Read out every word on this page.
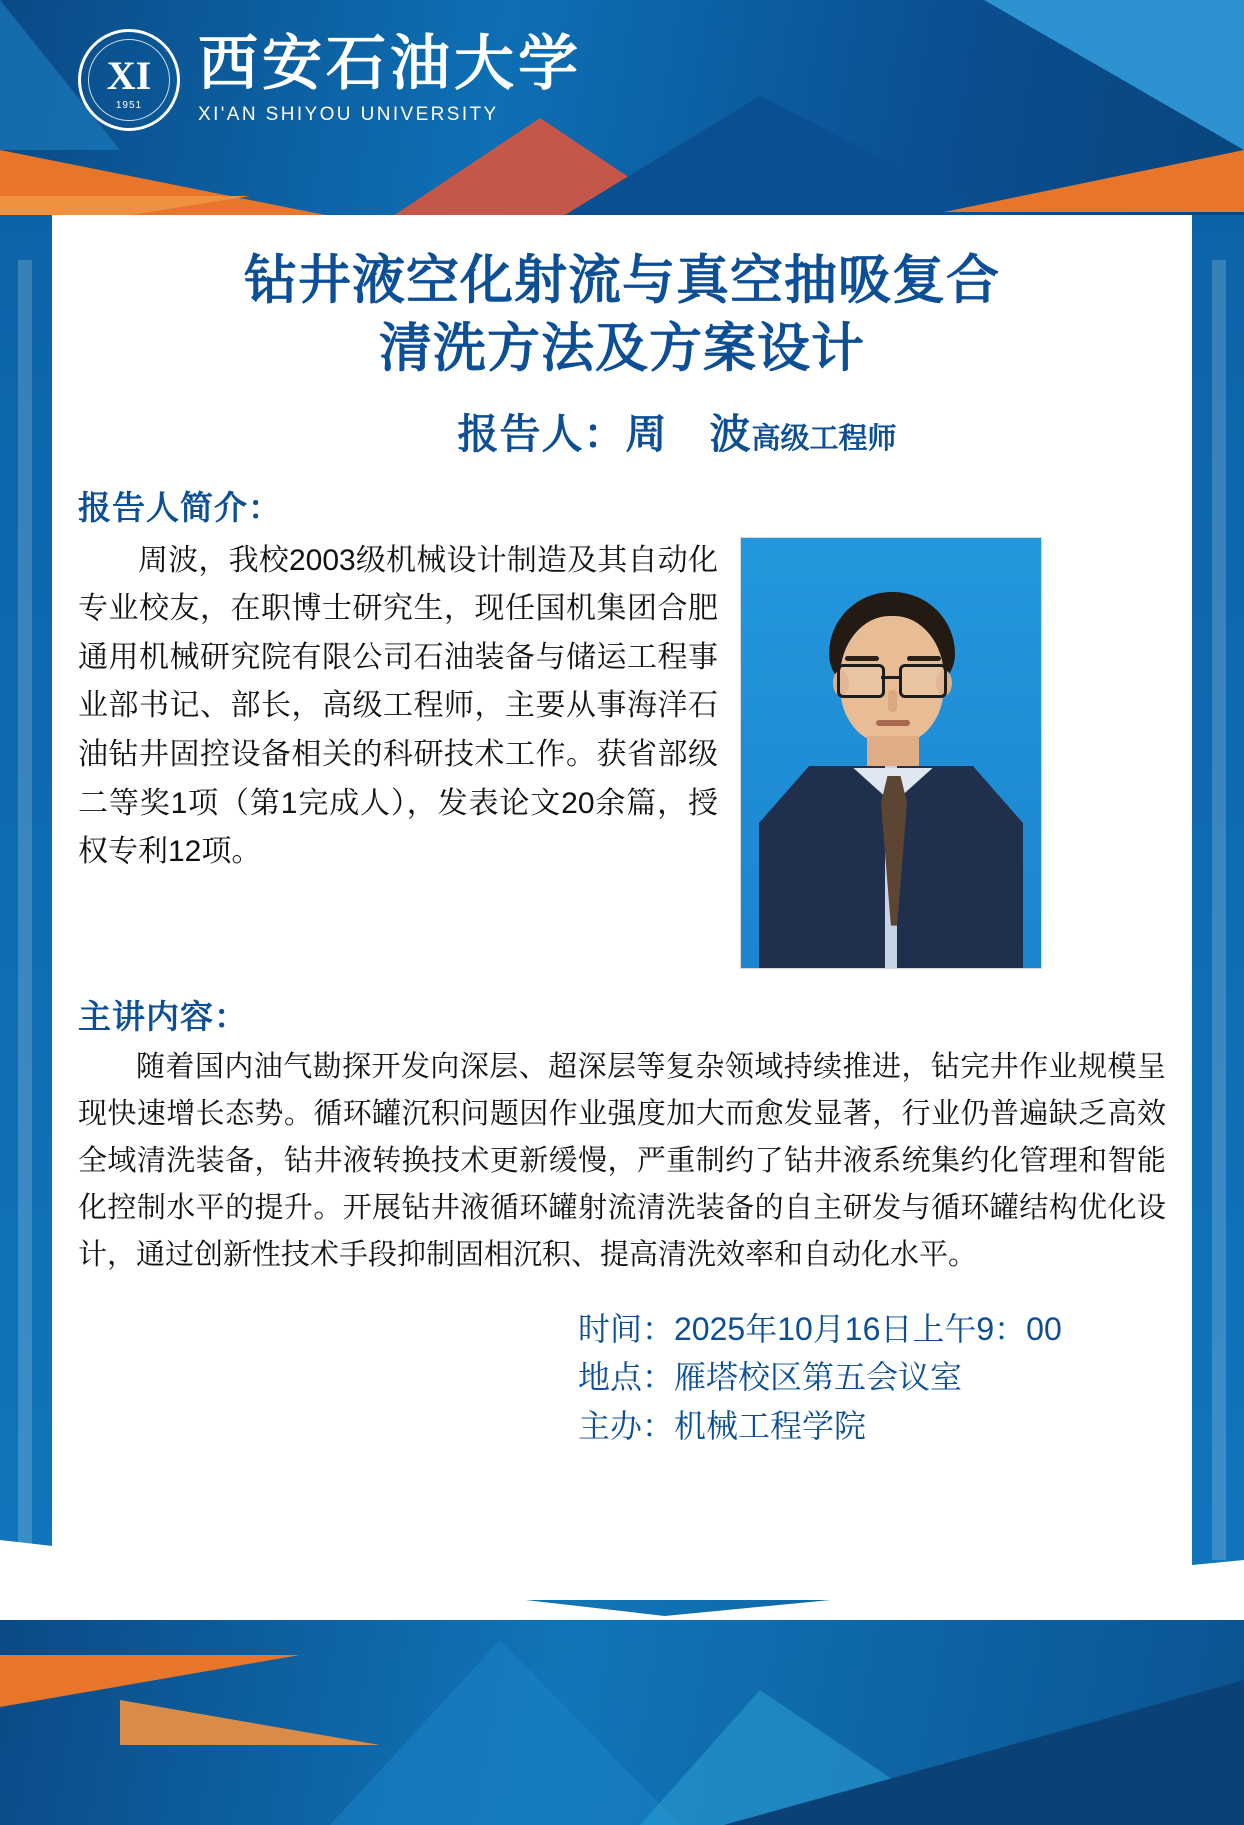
XI
1951
西安石油大学
XI'AN SHIYOU UNIVERSITY
钻井液空化射流与真空抽吸复合
清洗方法及方案设计
报告人：周　波高级工程师
报告人简介：
周波，我校2003级机械设计制造及其自动化专业校友，在职博士研究生，现任国机集团合肥通用机械研究院有限公司石油装备与储运工程事业部书记、部长，高级工程师，主要从事海洋石油钻井固控设备相关的科研技术工作。获省部级二等奖1项（第1完成人），发表论文20余篇，授权专利12项。
主讲内容：
随着国内油气勘探开发向深层、超深层等复杂领域持续推进，钻完井作业规模呈现快速增长态势。循环罐沉积问题因作业强度加大而愈发显著，行业仍普遍缺乏高效全域清洗装备，钻井液转换技术更新缓慢，严重制约了钻井液系统集约化管理和智能化控制水平的提升。开展钻井液循环罐射流清洗装备的自主研发与循环罐结构优化设计，通过创新性技术手段抑制固相沉积、提高清洗效率和自动化水平。
时间：2025年10月16日上午9：00
地点：雁塔校区第五会议室
主办：机械工程学院
